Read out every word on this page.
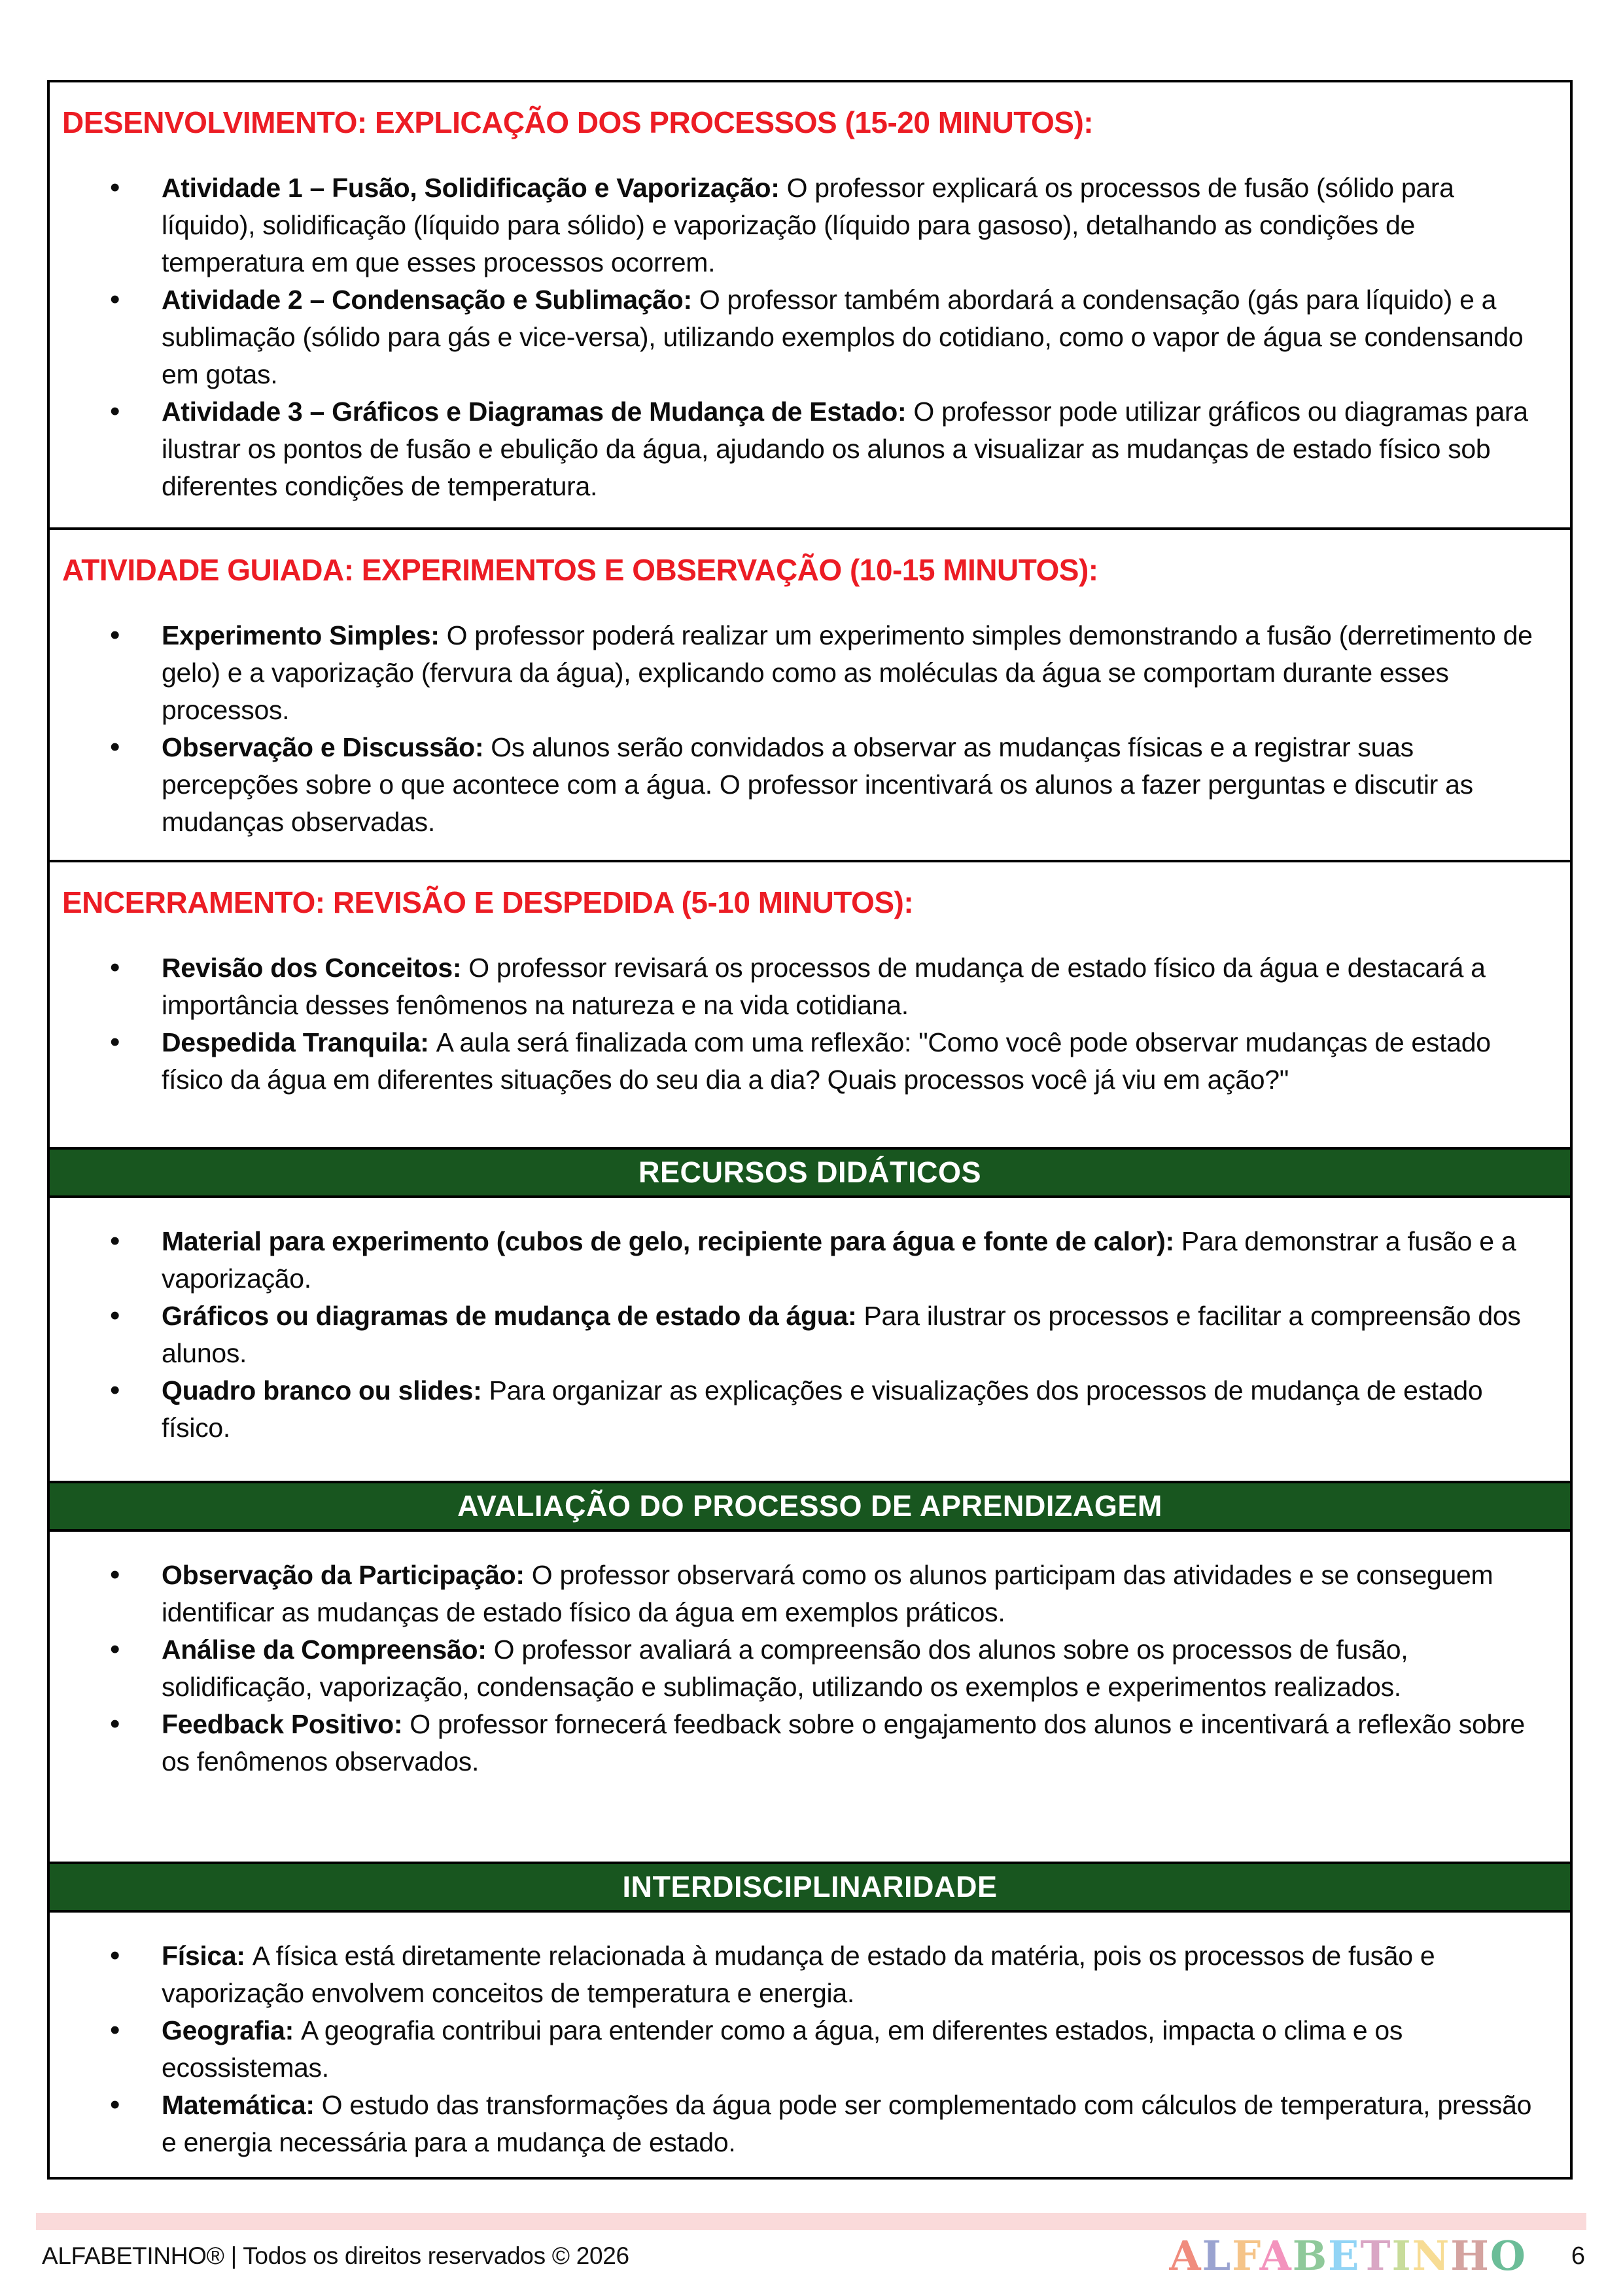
DESENVOLVIMENTO: EXPLICAÇÃO DOS PROCESSOS (15-20 MINUTOS):
• Atividade 1 – Fusão, Solidificação e Vaporização: O professor explicará os processos de fusão (sólido para líquido), solidificação (líquido para sólido) e vaporização (líquido para gasoso), detalhando as condições de temperatura em que esses processos ocorrem.
• Atividade 2 – Condensação e Sublimação: O professor também abordará a condensação (gás para líquido) e a sublimação (sólido para gás e vice-versa), utilizando exemplos do cotidiano, como o vapor de água se condensando em gotas.
• Atividade 3 – Gráficos e Diagramas de Mudança de Estado: O professor pode utilizar gráficos ou diagramas para ilustrar os pontos de fusão e ebulição da água, ajudando os alunos a visualizar as mudanças de estado físico sob diferentes condições de temperatura.
ATIVIDADE GUIADA: EXPERIMENTOS E OBSERVAÇÃO (10-15 MINUTOS):
• Experimento Simples: O professor poderá realizar um experimento simples demonstrando a fusão (derretimento de gelo) e a vaporização (fervura da água), explicando como as moléculas da água se comportam durante esses processos.
• Observação e Discussão: Os alunos serão convidados a observar as mudanças físicas e a registrar suas percepções sobre o que acontece com a água. O professor incentivará os alunos a fazer perguntas e discutir as mudanças observadas.
ENCERRAMENTO: REVISÃO E DESPEDIDA (5-10 MINUTOS):
• Revisão dos Conceitos: O professor revisará os processos de mudança de estado físico da água e destacará a importância desses fenômenos na natureza e na vida cotidiana.
• Despedida Tranquila: A aula será finalizada com uma reflexão: "Como você pode observar mudanças de estado físico da água em diferentes situações do seu dia a dia? Quais processos você já viu em ação?"
RECURSOS DIDÁTICOS
• Material para experimento (cubos de gelo, recipiente para água e fonte de calor): Para demonstrar a fusão e a vaporização.
• Gráficos ou diagramas de mudança de estado da água: Para ilustrar os processos e facilitar a compreensão dos alunos.
• Quadro branco ou slides: Para organizar as explicações e visualizações dos processos de mudança de estado físico.
AVALIAÇÃO DO PROCESSO DE APRENDIZAGEM
• Observação da Participação: O professor observará como os alunos participam das atividades e se conseguem identificar as mudanças de estado físico da água em exemplos práticos.
• Análise da Compreensão: O professor avaliará a compreensão dos alunos sobre os processos de fusão, solidificação, vaporização, condensação e sublimação, utilizando os exemplos e experimentos realizados.
• Feedback Positivo: O professor fornecerá feedback sobre o engajamento dos alunos e incentivará a reflexão sobre os fenômenos observados.
INTERDISCIPLINARIDADE
• Física: A física está diretamente relacionada à mudança de estado da matéria, pois os processos de fusão e vaporização envolvem conceitos de temperatura e energia.
• Geografia: A geografia contribui para entender como a água, em diferentes estados, impacta o clima e os ecossistemas.
• Matemática: O estudo das transformações da água pode ser complementado com cálculos de temperatura, pressão e energia necessária para a mudança de estado.
ALFABETINHO® | Todos os direitos reservados © 2026	ALFABETINHO 6
